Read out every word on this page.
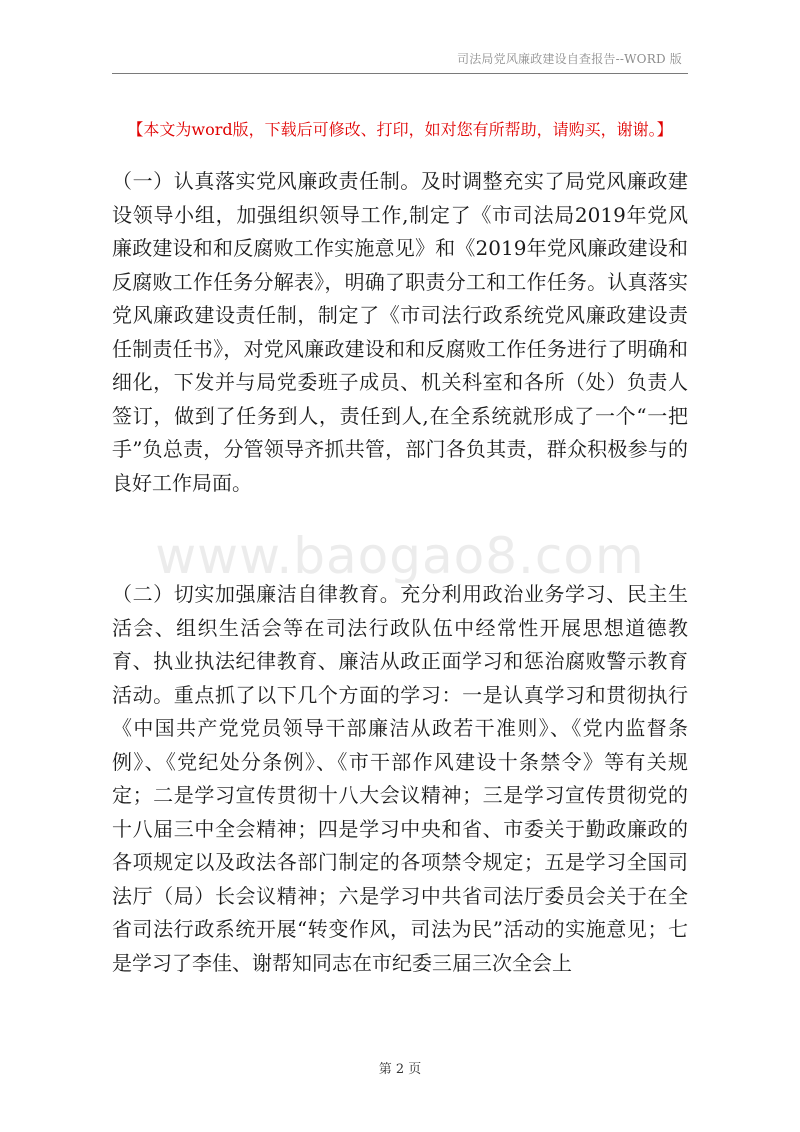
司法局党风廉政建设自查报告--WORD 版
【本文为word版，下载后可修改、打印，如对您有所帮助，请购买，谢谢。】

（一）认真落实党风廉政责任制。及时调整充实了局党风廉政建设领导小组，加强组织领导工作,制定了《市司法局2019年党风廉政建设和和反腐败工作实施意见》和《2019年党风廉政建设和反腐败工作任务分解表》，明确了职责分工和工作任务。认真落实党风廉政建设责任制，制定了《市司法行政系统党风廉政建设责任制责任书》，对党风廉政建设和和反腐败工作任务进行了明确和细化，下发并与局党委班子成员、机关科室和各所（处）负责人签订，做到了任务到人，责任到人,在全系统就形成了一个“一把手”负总责，分管领导齐抓共管，部门各负其责，群众积极参与的良好工作局面。

www.baogao8.com

（二）切实加强廉洁自律教育。充分利用政治业务学习、民主生活会、组织生活会等在司法行政队伍中经常性开展思想道德教育、执业执法纪律教育、廉洁从政正面学习和惩治腐败警示教育活动。重点抓了以下几个方面的学习：一是认真学习和贯彻执行《中国共产党党员领导干部廉洁从政若干准则》、《党内监督条例》、《党纪处分条例》、《市干部作风建设十条禁令》等有关规定；二是学习宣传贯彻十八大会议精神；三是学习宣传贯彻党的十八届三中全会精神；四是学习中央和省、市委关于勤政廉政的各项规定以及政法各部门制定的各项禁令规定；五是学习全国司法厅（局）长会议精神；六是学习中共省司法厅委员会关于在全省司法行政系统开展“转变作风，司法为民”活动的实施意见；七是学习了李佳、谢帮知同志在市纪委三届三次全会上

第 2 页
